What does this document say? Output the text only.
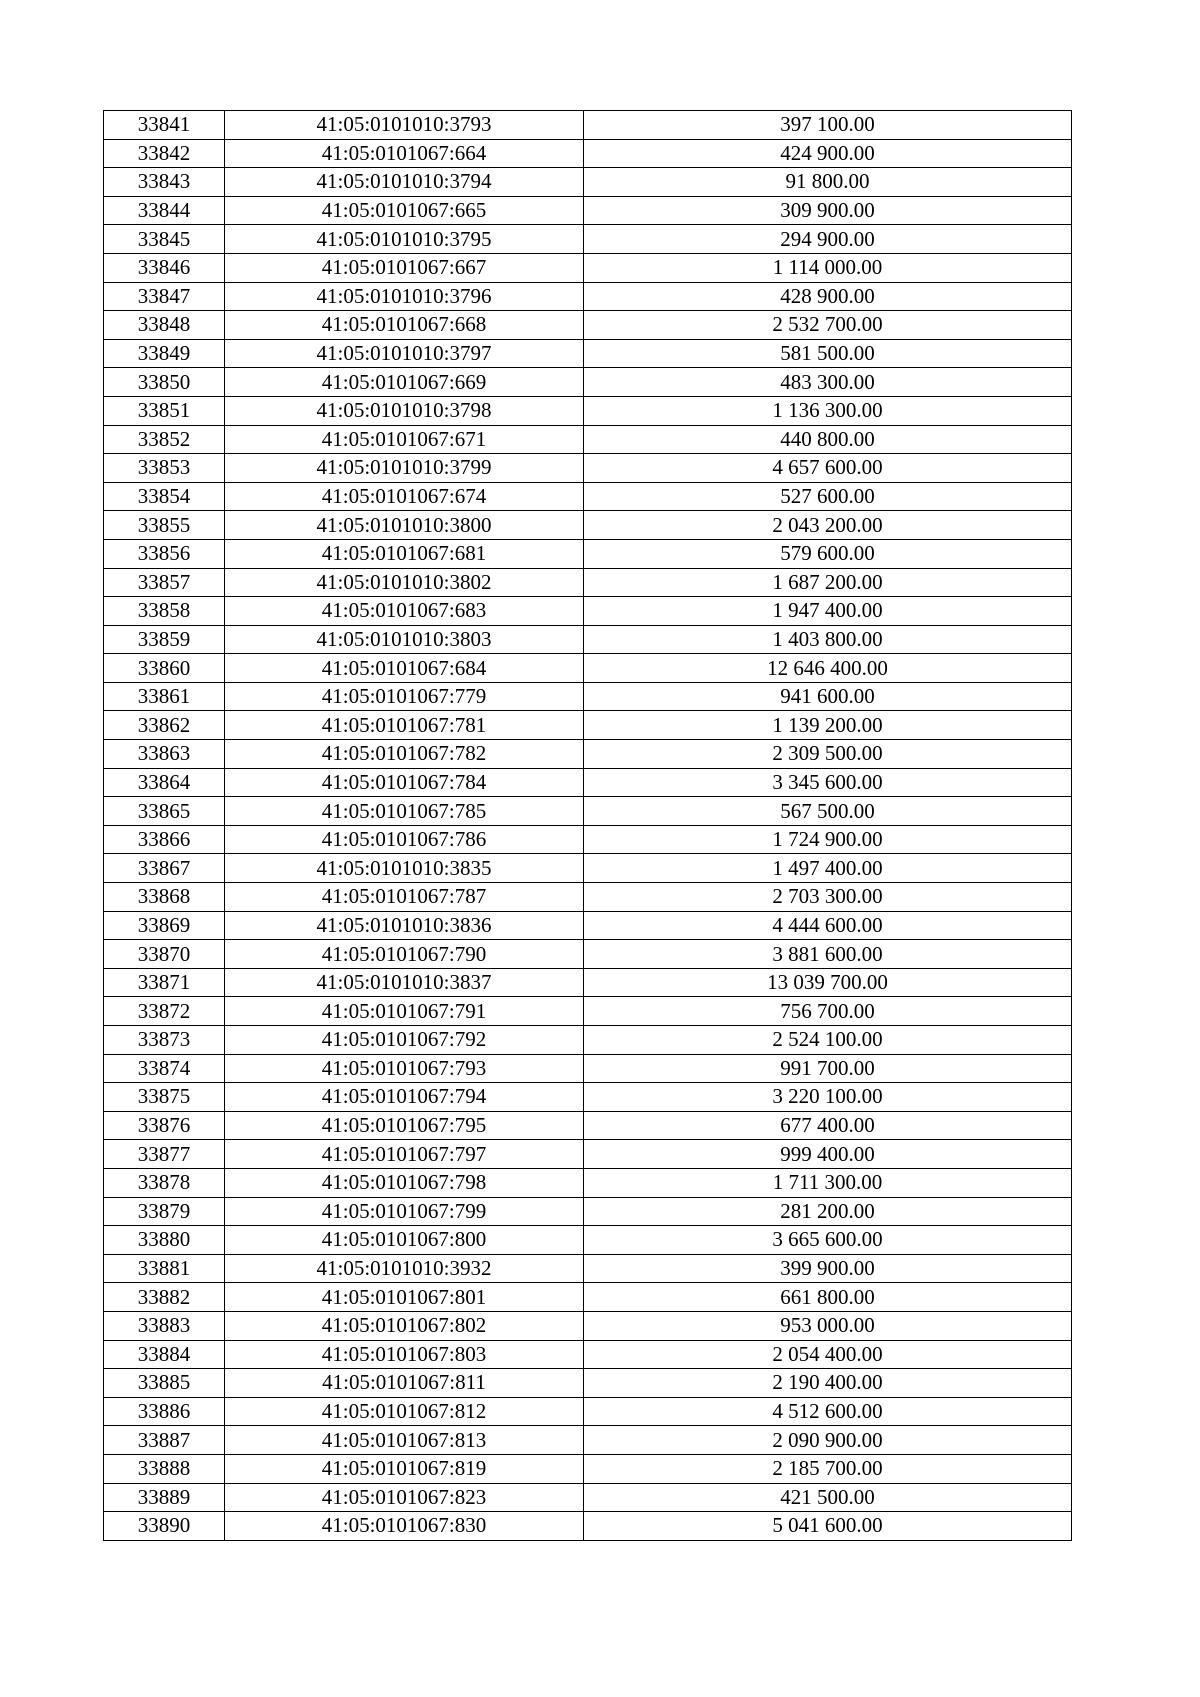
33841	41:05:0101010:3793	397 100.00
33842	41:05:0101067:664	424 900.00
33843	41:05:0101010:3794	91 800.00
33844	41:05:0101067:665	309 900.00
33845	41:05:0101010:3795	294 900.00
33846	41:05:0101067:667	1 114 000.00
33847	41:05:0101010:3796	428 900.00
33848	41:05:0101067:668	2 532 700.00
33849	41:05:0101010:3797	581 500.00
33850	41:05:0101067:669	483 300.00
33851	41:05:0101010:3798	1 136 300.00
33852	41:05:0101067:671	440 800.00
33853	41:05:0101010:3799	4 657 600.00
33854	41:05:0101067:674	527 600.00
33855	41:05:0101010:3800	2 043 200.00
33856	41:05:0101067:681	579 600.00
33857	41:05:0101010:3802	1 687 200.00
33858	41:05:0101067:683	1 947 400.00
33859	41:05:0101010:3803	1 403 800.00
33860	41:05:0101067:684	12 646 400.00
33861	41:05:0101067:779	941 600.00
33862	41:05:0101067:781	1 139 200.00
33863	41:05:0101067:782	2 309 500.00
33864	41:05:0101067:784	3 345 600.00
33865	41:05:0101067:785	567 500.00
33866	41:05:0101067:786	1 724 900.00
33867	41:05:0101010:3835	1 497 400.00
33868	41:05:0101067:787	2 703 300.00
33869	41:05:0101010:3836	4 444 600.00
33870	41:05:0101067:790	3 881 600.00
33871	41:05:0101010:3837	13 039 700.00
33872	41:05:0101067:791	756 700.00
33873	41:05:0101067:792	2 524 100.00
33874	41:05:0101067:793	991 700.00
33875	41:05:0101067:794	3 220 100.00
33876	41:05:0101067:795	677 400.00
33877	41:05:0101067:797	999 400.00
33878	41:05:0101067:798	1 711 300.00
33879	41:05:0101067:799	281 200.00
33880	41:05:0101067:800	3 665 600.00
33881	41:05:0101010:3932	399 900.00
33882	41:05:0101067:801	661 800.00
33883	41:05:0101067:802	953 000.00
33884	41:05:0101067:803	2 054 400.00
33885	41:05:0101067:811	2 190 400.00
33886	41:05:0101067:812	4 512 600.00
33887	41:05:0101067:813	2 090 900.00
33888	41:05:0101067:819	2 185 700.00
33889	41:05:0101067:823	421 500.00
33890	41:05:0101067:830	5 041 600.00
